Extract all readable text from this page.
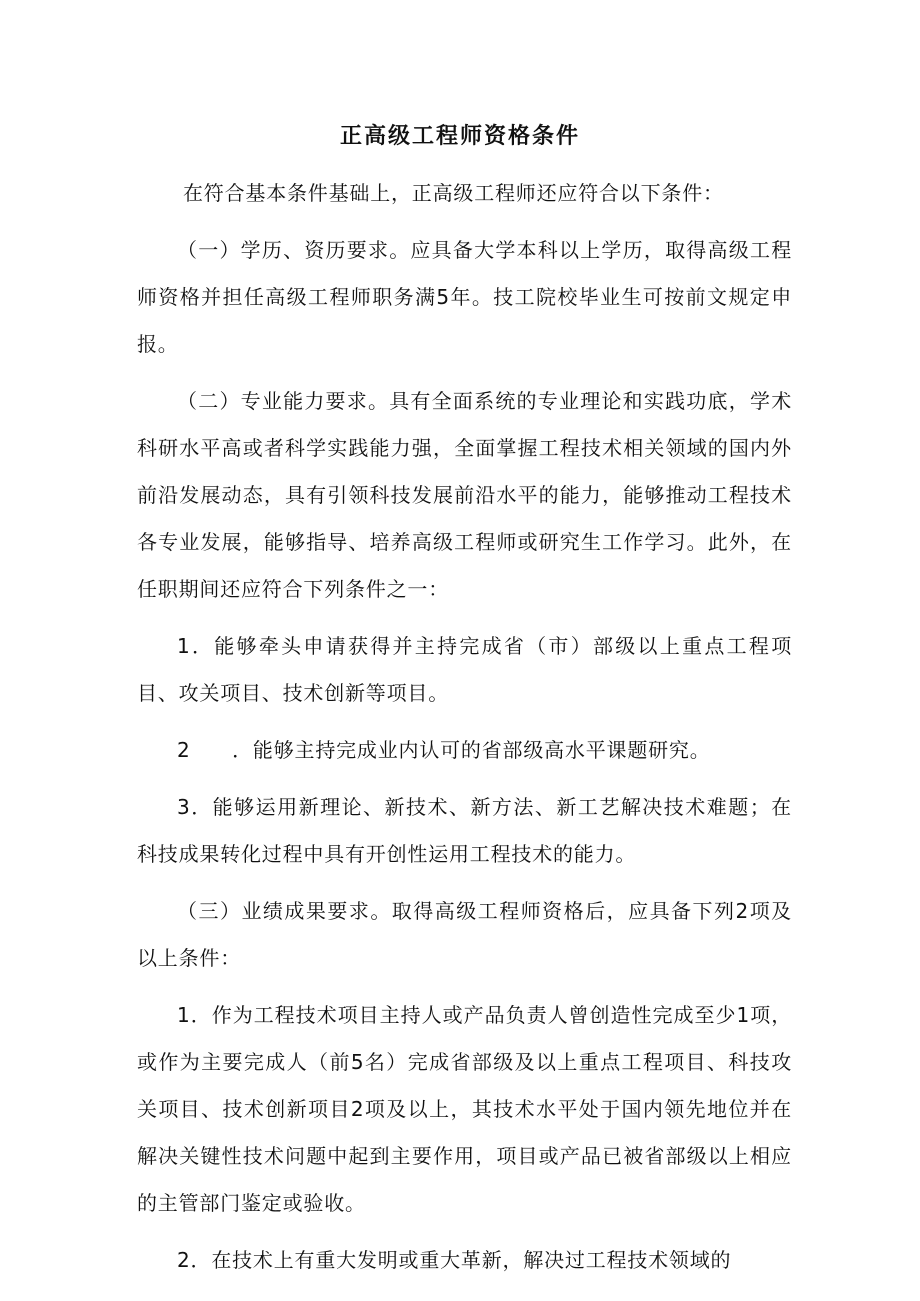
正高级工程师资格条件

在符合基本条件基础上，正高级工程师还应符合以下条件：

（一）学历、资历要求。应具备大学本科以上学历，取得高级工程师资格并担任高级工程师职务满5年。技工院校毕业生可按前文规定申报。

（二）专业能力要求。具有全面系统的专业理论和实践功底，学术科研水平高或者科学实践能力强，全面掌握工程技术相关领域的国内外前沿发展动态，具有引领科技发展前沿水平的能力，能够推动工程技术各专业发展，能够指导、培养高级工程师或研究生工作学习。此外，在任职期间还应符合下列条件之一：

1．能够牵头申请获得并主持完成省（市）部级以上重点工程项目、攻关项目、技术创新等项目。

2　　．能够主持完成业内认可的省部级高水平课题研究。

3．能够运用新理论、新技术、新方法、新工艺解决技术难题；在科技成果转化过程中具有开创性运用工程技术的能力。

（三）业绩成果要求。取得高级工程师资格后，应具备下列2项及以上条件：

1．作为工程技术项目主持人或产品负责人曾创造性完成至少1项，或作为主要完成人（前5名）完成省部级及以上重点工程项目、科技攻关项目、技术创新项目2项及以上，其技术水平处于国内领先地位并在解决关键性技术问题中起到主要作用，项目或产品已被省部级以上相应的主管部门鉴定或验收。

2．在技术上有重大发明或重大革新，解决过工程技术领域的
